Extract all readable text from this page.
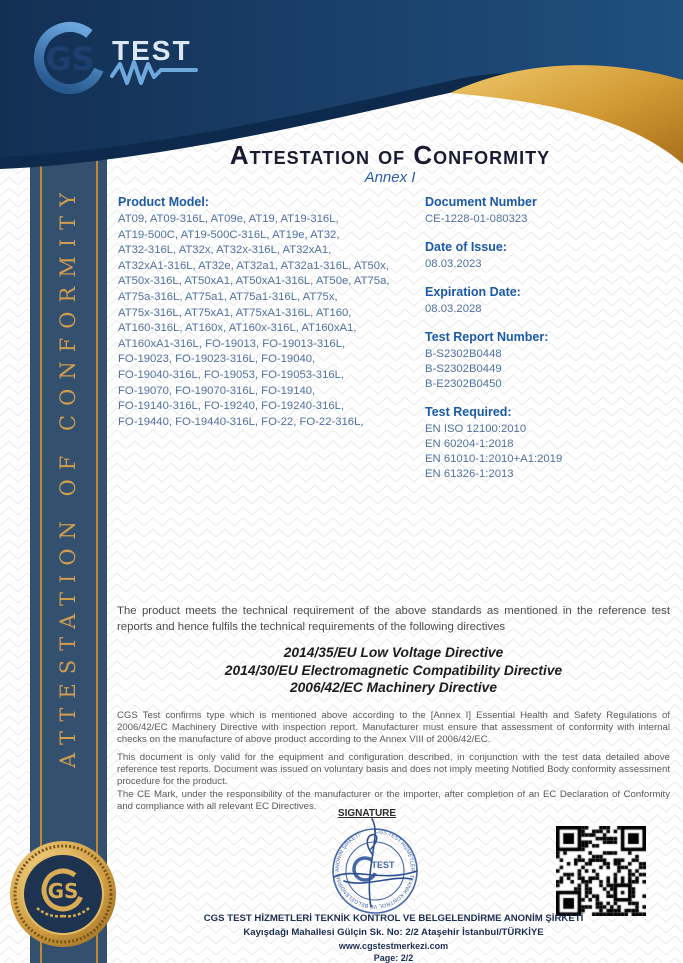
ATTESTATION OF CONFORMITY
GS TEST
GS
Attestation of Conformity
Annex I
Product Model:
AT09, AT09-316L, AT09e, AT19, AT19-316L,
AT19-500C, AT19-500C-316L, AT19e, AT32,
AT32-316L, AT32x, AT32x-316L, AT32xA1,
AT32xA1-316L, AT32e, AT32a1, AT32a1-316L, AT50x,
AT50x-316L, AT50xA1, AT50xA1-316L, AT50e, AT75a,
AT75a-316L, AT75a1, AT75a1-316L, AT75x,
AT75x-316L, AT75xA1, AT75xA1-316L, AT160,
AT160-316L, AT160x, AT160x-316L, AT160xA1,
AT160xA1-316L, FO-19013, FO-19013-316L,
FO-19023, FO-19023-316L, FO-19040,
FO-19040-316L, FO-19053, FO-19053-316L,
FO-19070, FO-19070-316L, FO-19140,
FO-19140-316L, FO-19240, FO-19240-316L,
FO-19440, FO-19440-316L, FO-22, FO-22-316L,
Document Number
CE-1228-01-080323
Date of Issue:
08.03.2023
Expiration Date:
08.03.2028
Test Report Number:
B-S2302B0448
B-S2302B0449
B-E2302B0450
Test Required:
EN ISO 12100:2010
EN 60204-1:2018
EN 61010-1:2010+A1:2019
EN 61326-1:2013
The product meets the technical requirement of the above standards as mentioned in the reference test reports and hence fulfils the technical requirements of the following directives
2014/35/EU Low Voltage Directive
2014/30/EU Electromagnetic Compatibility Directive
2006/42/EC Machinery Directive

CGS Test confirms type which is mentioned above according to the [Annex I] Essential Health and Safety Regulations of 2006/42/EC Machinery Directive with inspection report. Manufacturer must ensure that assessment of conformity with internal checks on the manufacture of above product according to the Annex VIII of 2006/42/EC.

This document is only valid for the equipment and configuration described, in conjunction with the test data detailed above reference test reports. Document was issued on voluntary basis and does not imply meeting Notified Body conformity assessment procedure for the product.

The CE Mark, under the responsibility of the manufacturer or the importer, after completion of an EC Declaration of Conformity and compliance with all relevant EC Directives.

SIGNATURE
CGS TEST HİZMETLERİ TEKNİK KONTROL VE BELGELENDİRME ANONİM ŞİRKETİ
TEST
CGS TEST HİZMETLERİ TEKNİK KONTROL VE BELGELENDİRME ANONİM ŞİRKETİ
Kayışdağı Mahallesi Gülçin Sk. No: 2/2 Ataşehir İstanbul/TÜRKİYE
www.cgstestmerkezi.com
Page: 2/2
